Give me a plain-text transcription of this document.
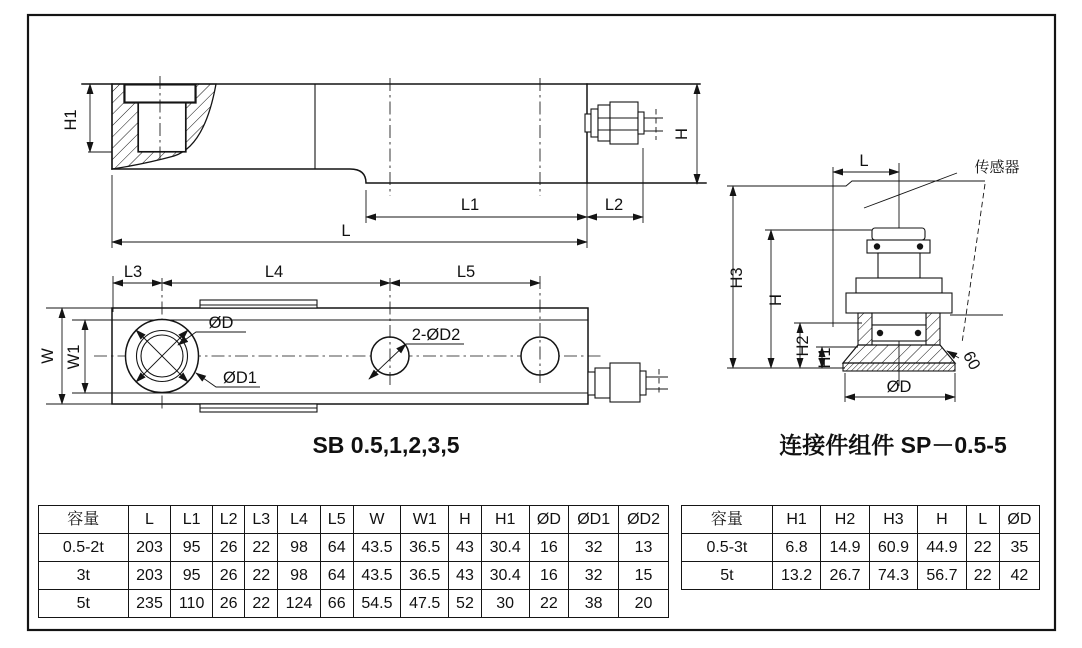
H1
H
L1	L2
L
ØD
ØD1
2-ØD2
L3	L4	L5
W W1
SB 0.5,1,2,3,5
传感器
L
H3
H
H2
H1
ØD
60
连接件组件 SP－0.5-5
容量	L	L1	L2	L3	L4	L5	W	W1	H	H1	ØD	ØD1	ØD2
0.5-2t	203	95	26	22	98	64	43.5	36.5	43	30.4	16	32	13
3t	203	95	26	22	98	64	43.5	36.5	43	30.4	16	32	15
5t	235	110	26	22	124	66	54.5	47.5	52	30	22	38	20
容量	H1	H2	H3	H	L	ØD
0.5-3t	6.8	14.9	60.9	44.9	22	35
5t	13.2	26.7	74.3	56.7	22	42
